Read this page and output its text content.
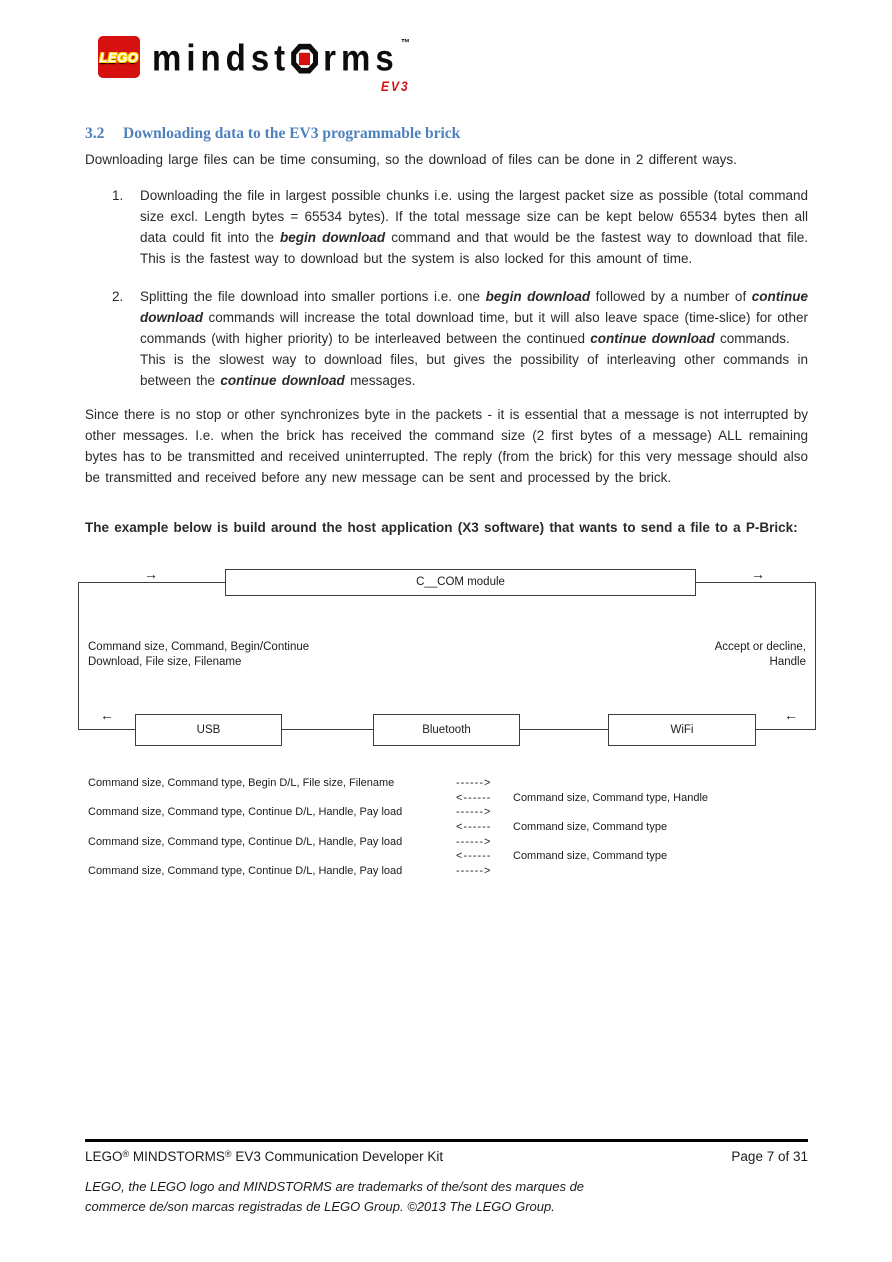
LEGO mindst rms ™
EV3
3.2	Downloading data to the EV3 programmable brick

Downloading large files can be time consuming, so the download of files can be done in 2 different ways.

1.	Downloading the file in largest possible chunks i.e. using the largest packet size as possible (total command size excl. Length bytes = 65534 bytes). If the total message size can be kept below 65534 bytes then all data could fit into the begin download command and that would be the fastest way to download that file. This is the fastest way to download but the system is also locked for this amount of time.
2.	Splitting the file download into smaller portions i.e. one begin download followed by a number of continue download commands will increase the total download time, but it will also leave space (time-slice) for other commands (with higher priority) to be interleaved between the continued continue download commands.
This is the slowest way to download files, but gives the possibility of interleaving other commands in between the continue download messages.

Since there is no stop or other synchronizes byte in the packets - it is essential that a message is not interrupted by other messages. I.e. when the brick has received the command size (2 first bytes of a message) ALL remaining bytes has to be transmitted and received uninterrupted. The reply (from the brick) for this very message should also be transmitted and received before any new message can be sent and processed by the brick.

The example below is build around the host application (X3 software) that wants to send a file to a P-Brick:

C__COM module
USB	Bluetooth	WiFi
→	→
←	←
Command size, Command, Begin/Continue Download, File size, Filename
Accept or decline, Handle
Command size, Command type, Begin D/L, File size, Filename	------>
<------	Command size, Command type, Handle
Command size, Command type, Continue D/L, Handle, Pay load	------>
<------	Command size, Command type
Command size, Command type, Continue D/L, Handle, Pay load	------>
<------	Command size, Command type
Command size, Command type, Continue D/L, Handle, Pay load	------>
LEGO® MINDSTORMS® EV3 Communication Developer Kit	Page 7 of 31
LEGO, the LEGO logo and MINDSTORMS are trademarks of the/sont des marques de
commerce de/son marcas registradas de LEGO Group. ©2013 The LEGO Group.
